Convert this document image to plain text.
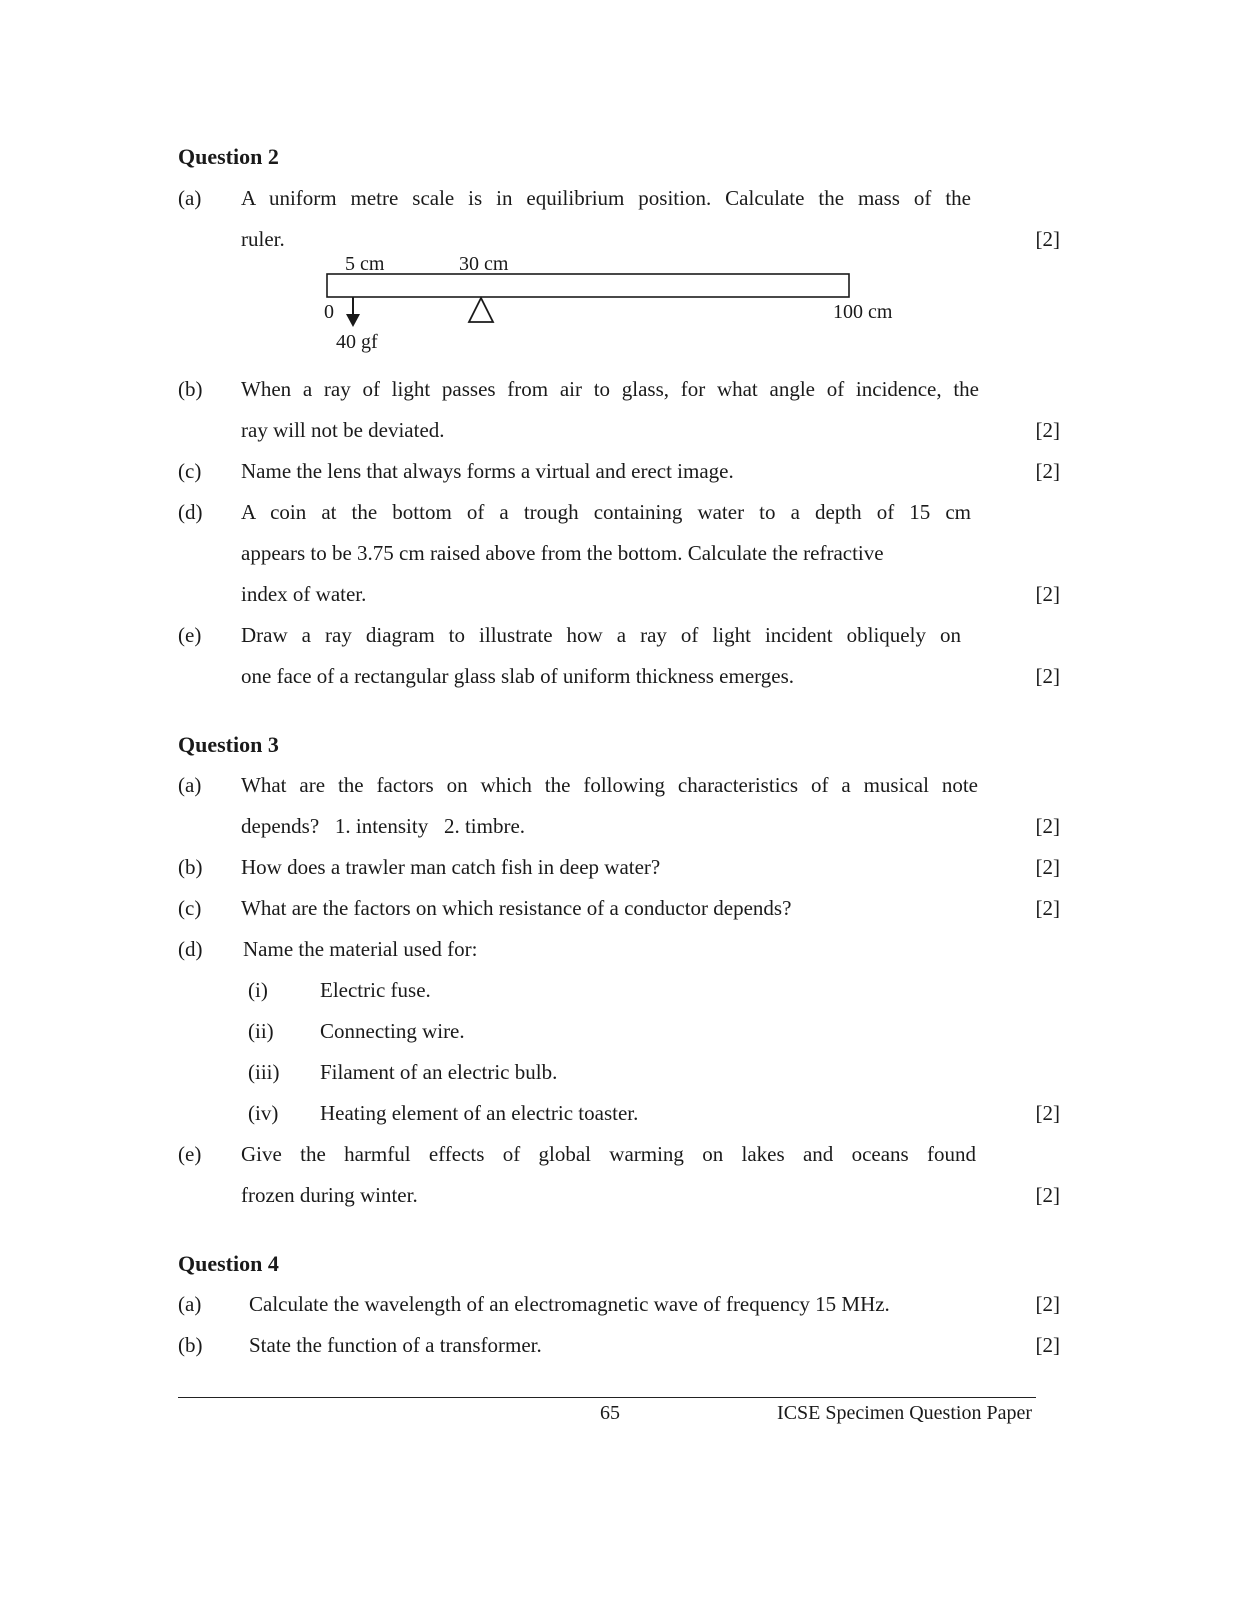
Question 2
(a) A uniform metre scale is in equilibrium position. Calculate the mass of the
ruler.	[2]
5 cm	30 cm
0	100 cm
40 gf
(b) When a ray of light passes from air to glass, for what angle of incidence, the
ray will not be deviated.	[2]
(c) Name the lens that always forms a virtual and erect image.	[2]
(d) A coin at the bottom of a trough containing water to a depth of 15 cm
appears to be 3.75 cm raised above from the bottom. Calculate the refractive
index of water.	[2]
(e) Draw a ray diagram to illustrate how a ray of light incident obliquely on
one face of a rectangular glass slab of uniform thickness emerges.	[2]
Question 3
(a) What are the factors on which the following characteristics of a musical note
depends?   1. intensity   2. timbre.	[2]
(b) How does a trawler man catch fish in deep water?	[2]
(c) What are the factors on which resistance of a conductor depends?	[2]
(d) Name the material used for:
(i) Electric fuse.
(ii) Connecting wire.
(iii) Filament of an electric bulb.
(iv) Heating element of an electric toaster.	[2]
(e) Give the harmful effects of global warming on lakes and oceans found
frozen during winter.	[2]
Question 4
(a) Calculate the wavelength of an electromagnetic wave of frequency 15 MHz.	[2]
(b) State the function of a transformer.	[2]
65	ICSE Specimen Question Paper
